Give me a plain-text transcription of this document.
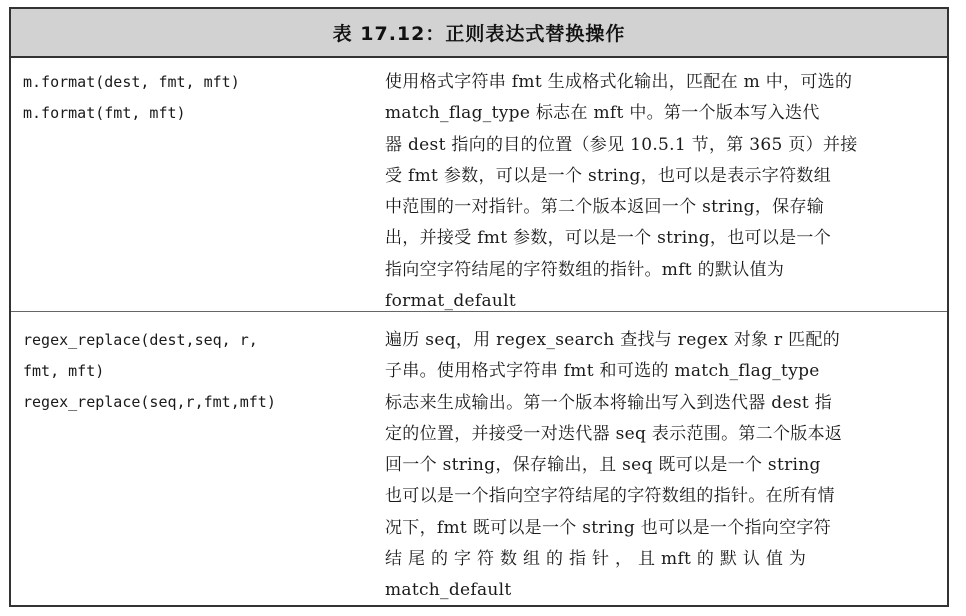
表 17.12：正则表达式替换操作
m.format(dest, fmt, mft)
m.format(fmt, mft)
使用格式字符串 fmt 生成格式化输出，匹配在 m 中，可选的
match_flag_type 标志在 mft 中。第一个版本写入迭代
器 dest 指向的目的位置（参见 10.5.1 节，第 365 页）并接
受 fmt 参数，可以是一个 string，也可以是表示字符数组
中范围的一对指针。第二个版本返回一个 string，保存输
出，并接受 fmt 参数，可以是一个 string，也可以是一个
指向空字符结尾的字符数组的指针。mft 的默认值为
format_default
regex_replace(dest,seq, r,
fmt, mft)
regex_replace(seq,r,fmt,mft)
遍历 seq，用 regex_search 查找与 regex 对象 r 匹配的
子串。使用格式字符串 fmt 和可选的 match_flag_type
标志来生成输出。第一个版本将输出写入到迭代器 dest 指
定的位置，并接受一对迭代器 seq 表示范围。第二个版本返
回一个 string，保存输出，且 seq 既可以是一个 string
也可以是一个指向空字符结尾的字符数组的指针。在所有情
况下，fmt 既可以是一个 string 也可以是一个指向空字符
结 尾 的 字 符 数 组 的 指 针 ， 且 mft 的 默 认 值 为
match_default
